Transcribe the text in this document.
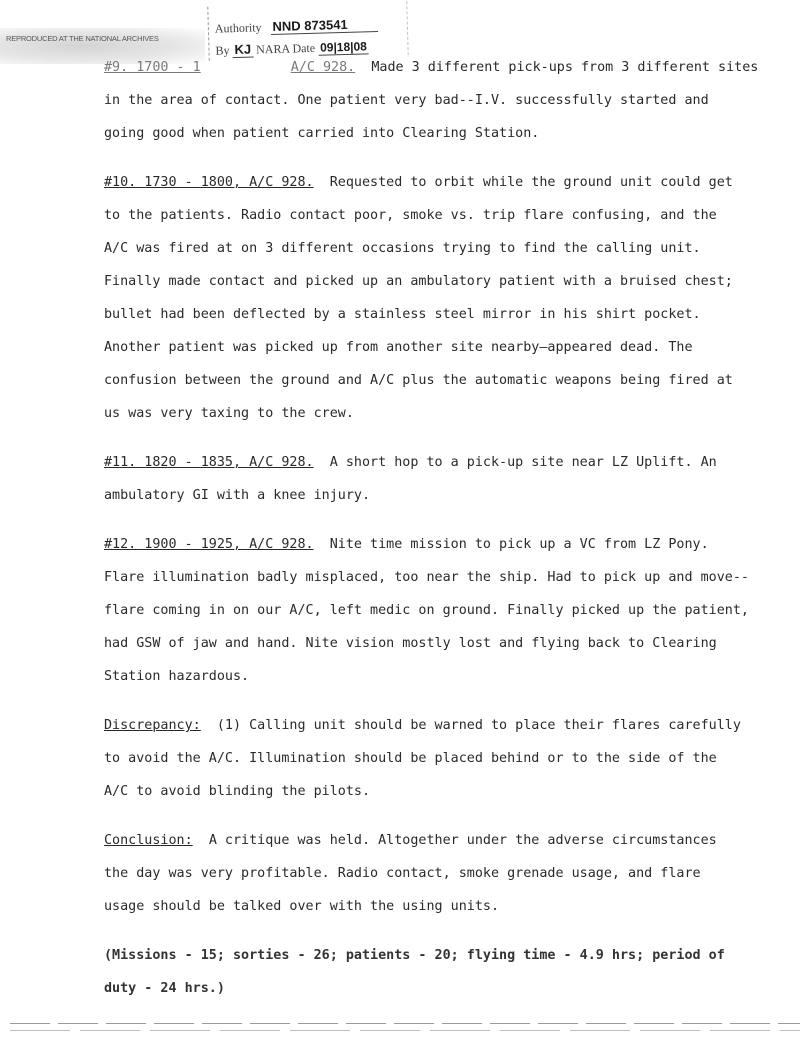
REPRODUCED AT THE NATIONAL ARCHIVES
Authority NND 873541
By KJ NARA Date 09|18|08
#9. 1700 - 1	A/C 928. Made 3 different pick-ups from 3 different sites
in the area of contact. One patient very bad--I.V. successfully started and
going good when patient carried into Clearing Station.
#10. 1730 - 1800, A/C 928. Requested to orbit while the ground unit could get
to the patients. Radio contact poor, smoke vs. trip flare confusing, and the
A/C was fired at on 3 different occasions trying to find the calling unit.
Finally made contact and picked up an ambulatory patient with a bruised chest;
bullet had been deflected by a stainless steel mirror in his shirt pocket.
Another patient was picked up from another site nearby—appeared dead. The
confusion between the ground and A/C plus the automatic weapons being fired at
us was very taxing to the crew.
#11. 1820 - 1835, A/C 928. A short hop to a pick-up site near LZ Uplift. An
ambulatory GI with a knee injury.
#12. 1900 - 1925, A/C 928. Nite time mission to pick up a VC from LZ Pony.
Flare illumination badly misplaced, too near the ship. Had to pick up and move--
flare coming in on our A/C, left medic on ground. Finally picked up the patient,
had GSW of jaw and hand. Nite vision mostly lost and flying back to Clearing
Station hazardous.
Discrepancy: (1) Calling unit should be warned to place their flares carefully
to avoid the A/C. Illumination should be placed behind or to the side of the
A/C to avoid blinding the pilots.
Conclusion: A critique was held. Altogether under the adverse circumstances
the day was very profitable. Radio contact, smoke grenade usage, and flare
usage should be talked over with the using units.
(Missions - 15; sorties - 26; patients - 20; flying time - 4.9 hrs; period of
duty - 24 hrs.)
